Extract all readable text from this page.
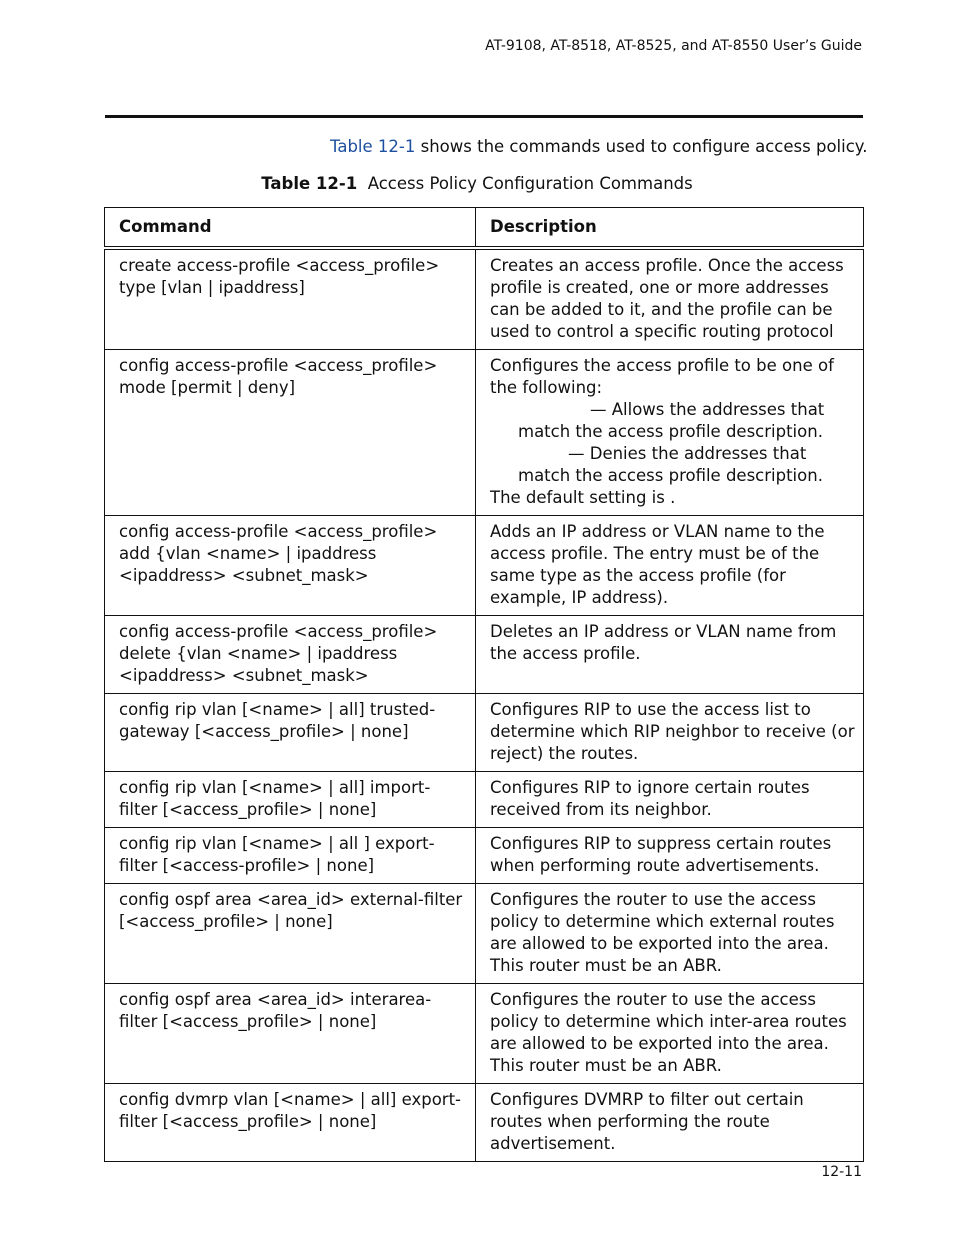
AT-9108, AT-8518, AT-8525, and AT-8550 User’s Guide
Table 12-1 shows the commands used to configure access policy.
Table 12-1 Access Policy Configuration Commands
Command	Description
create access-profile <access_profile> type [vlan | ipaddress]	Creates an access profile. Once the access profile is created, one or more addresses can be added to it, and the profile can be used to control a specific routing protocol
config access-profile <access_profile> mode [permit | deny]	Configures the access profile to be one of the following:
— Allows the addresses that match the access profile description.
— Denies the addresses that match the access profile description.
The default setting is .

config access-profile <access_profile> add {vlan <name> | ipaddress <ipaddress> <subnet_mask>	Adds an IP address or VLAN name to the access profile. The entry must be of the same type as the access profile (for example, IP address).
config access-profile <access_profile> delete {vlan <name> | ipaddress <ipaddress> <subnet_mask>	Deletes an IP address or VLAN name from the access profile.
config rip vlan [<name> | all] trusted-gateway [<access_profile> | none]	Configures RIP to use the access list to determine which RIP neighbor to receive (or reject) the routes.
config rip vlan [<name> | all] import-filter [<access_profile> | none]	Configures RIP to ignore certain routes received from its neighbor.
config rip vlan [<name> | all ] export-filter [<access-profile> | none]	Configures RIP to suppress certain routes when performing route advertisements.
config ospf area <area_id> external-filter [<access_profile> | none]	Configures the router to use the access policy to determine which external routes are allowed to be exported into the area. This router must be an ABR.
config ospf area <area_id> interarea-filter [<access_profile> | none]	Configures the router to use the access policy to determine which inter-area routes are allowed to be exported into the area. This router must be an ABR.
config dvmrp vlan [<name> | all] export-filter [<access_profile> | none]	Configures DVMRP to filter out certain routes when performing the route advertisement.
12-11
